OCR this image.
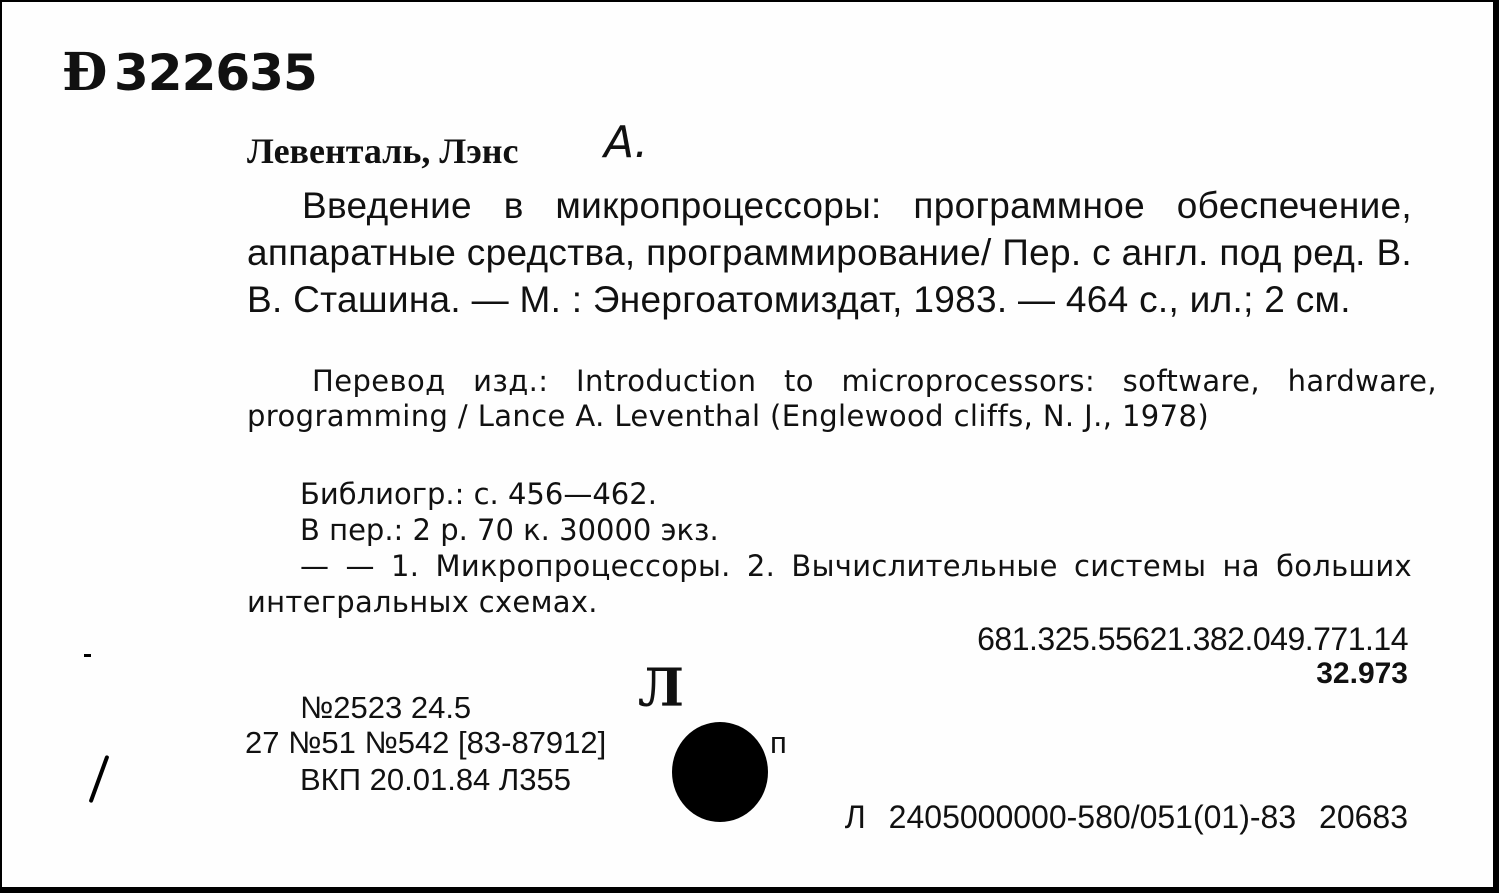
Ð 322635
Левенталь, Лэнс А.
Введение в микропроцессоры: программное обеспечение, аппаратные средства, программирование/ Пер. с англ. под ред. В. В. Сташина. — М. : Энергоатомиздат, 1983. — 464 с., ил.; 2 см.
Перевод изд.: Introduction to microprocessors: software, hardware, programming / Lance A. Leventhal (Englewood cliffs, N. J., 1978)
Библиогр.: с. 456—462.
В пер.: 2 р. 70 к. 30000 экз.
— — 1. Микропроцессоры. 2. Вычислительные системы на больших интегральных схемах.
681.325.55621.382.049.771.14
32.973
Л
№2523 24.5
27 №51 №542 [83-87912]	п
ВКП 20.01.84 Л355
Л 2405000000-580/051(01)-83 20683
